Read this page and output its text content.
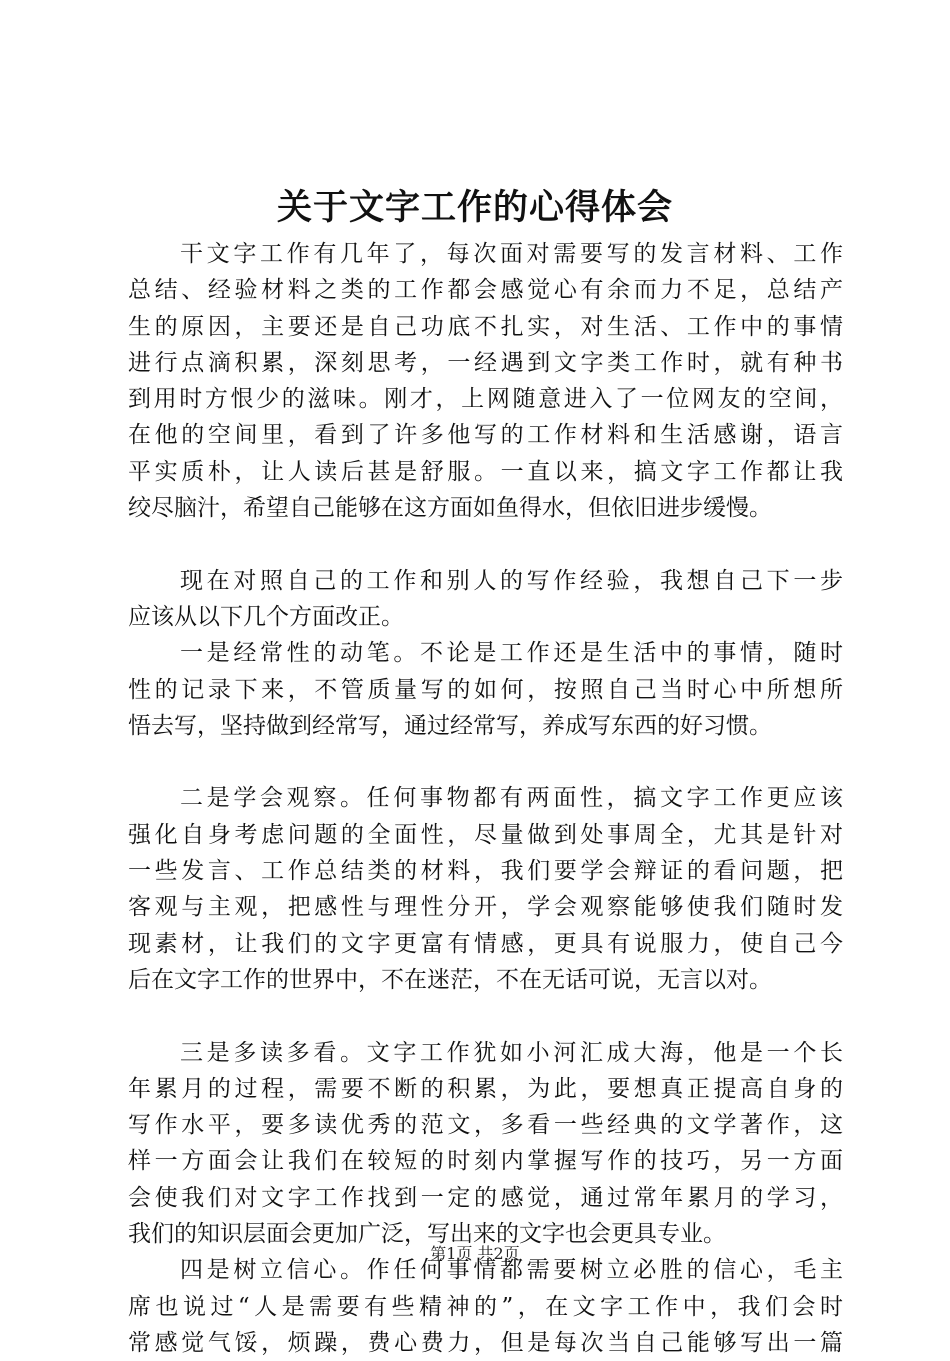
关于文字工作的心得体会
干文字工作有几年了，每次面对需要写的发言材料、工作
总结、经验材料之类的工作都会感觉心有余而力不足，总结产
生的原因，主要还是自己功底不扎实，对生活、工作中的事情
进行点滴积累，深刻思考，一经遇到文字类工作时，就有种书
到用时方恨少的滋味。刚才，上网随意进入了一位网友的空间，
在他的空间里，看到了许多他写的工作材料和生活感谢，语言
平实质朴，让人读后甚是舒服。一直以来，搞文字工作都让我
绞尽脑汁，希望自己能够在这方面如鱼得水，但依旧进步缓慢。
现在对照自己的工作和别人的写作经验，我想自己下一步
应该从以下几个方面改正。
一是经常性的动笔。不论是工作还是生活中的事情，随时
性的记录下来，不管质量写的如何，按照自己当时心中所想所
悟去写，坚持做到经常写，通过经常写，养成写东西的好习惯。
二是学会观察。任何事物都有两面性，搞文字工作更应该
强化自身考虑问题的全面性，尽量做到处事周全，尤其是针对
一些发言、工作总结类的材料，我们要学会辩证的看问题，把
客观与主观，把感性与理性分开，学会观察能够使我们随时发
现素材，让我们的文字更富有情感，更具有说服力，使自己今
后在文字工作的世界中，不在迷茫，不在无话可说，无言以对。
三是多读多看。文字工作犹如小河汇成大海，他是一个长
年累月的过程，需要不断的积累，为此，要想真正提高自身的
写作水平，要多读优秀的范文，多看一些经典的文学著作，这
样一方面会让我们在较短的时刻内掌握写作的技巧，另一方面
会使我们对文字工作找到一定的感觉，通过常年累月的学习，
我们的知识层面会更加广泛，写出来的文字也会更具专业。
四是树立信心。作任何事情都需要树立必胜的信心，毛主
席也说过“人是需要有些精神的”，在文字工作中，我们会时
常感觉气馁，烦躁，费心费力，但是每次当自己能够写出一篇
第1页 共2页
